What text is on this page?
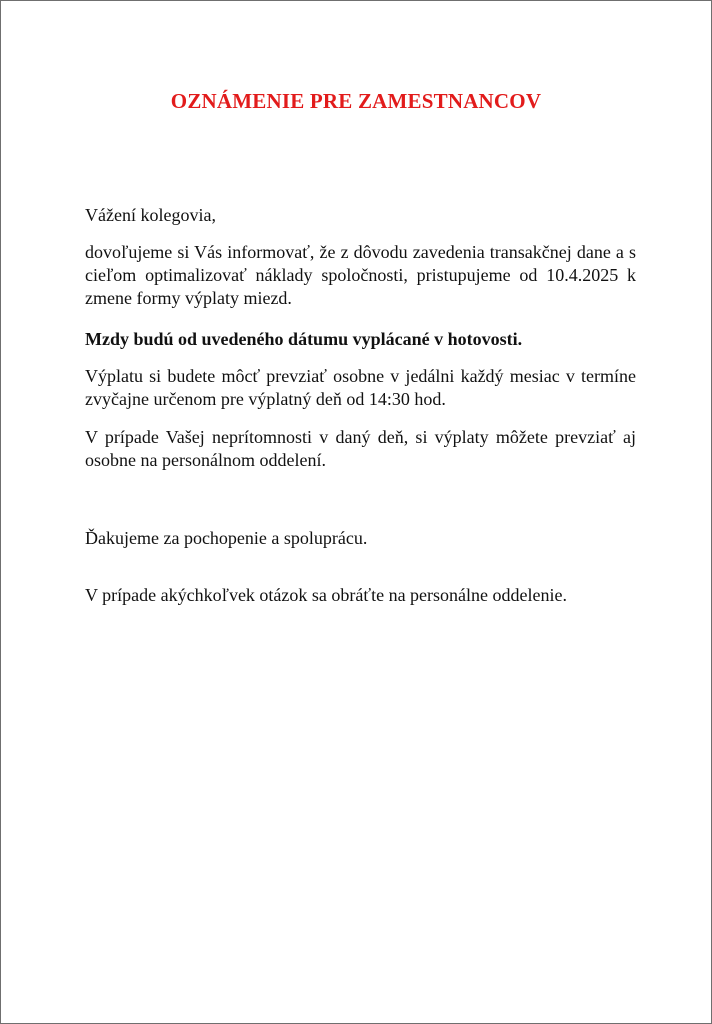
OZNÁMENIE PRE ZAMESTNANCOV

Vážení kolegovia,

dovoľujeme si Vás informovať, že z dôvodu zavedenia transakčnej dane a s cieľom optimalizovať náklady spoločnosti, pristupujeme od 10.4.2025 k zmene formy výplaty miezd.

Mzdy budú od uvedeného dátumu vyplácané v hotovosti.

Výplatu si budete môcť prevziať osobne v jedálni každý mesiac v termíne zvyčajne určenom pre výplatný deň od 14:30 hod.

V prípade Vašej neprítomnosti v daný deň, si výplaty môžete prevziať aj osobne na personálnom oddelení.

Ďakujeme za pochopenie a spoluprácu.

V prípade akýchkoľvek otázok sa obráťte na personálne oddelenie.
